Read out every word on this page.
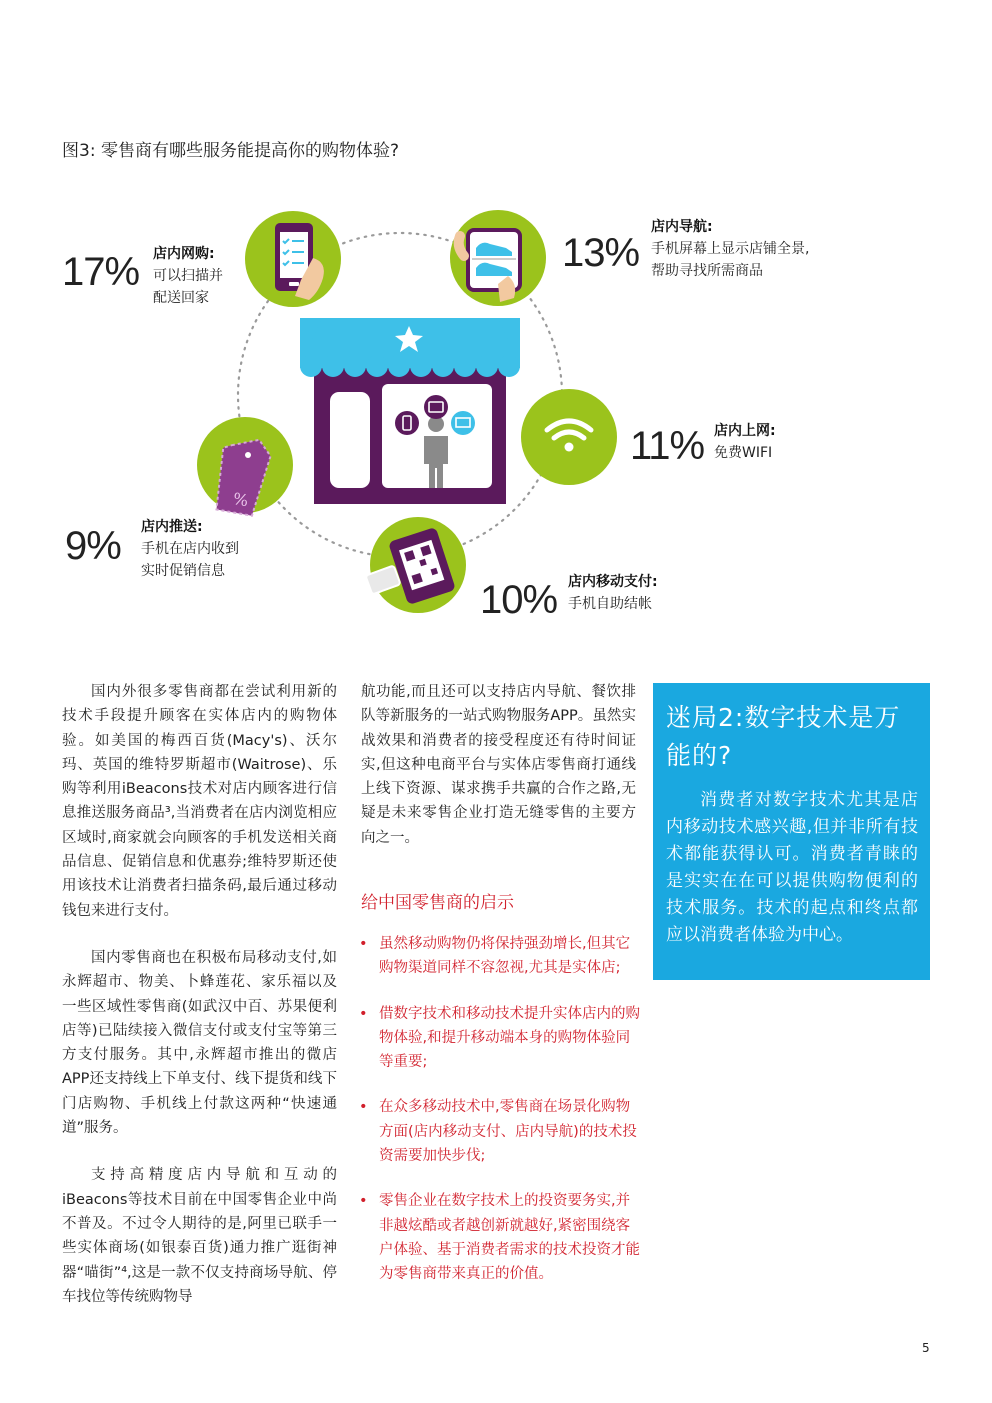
图3: 零售商有哪些服务能提高你的购物体验?
%
17% 店内网购:
可以扫描并
配送回家
13%
店内导航:
手机屏幕上显示店铺全景,
帮助寻找所需商品
11% 店内上网:
免费WIFI
10% 店内移动支付:
手机自助结帐
9% 店内推送:
手机在店内收到
实时促销信息

国内外很多零售商都在尝试利用新的技术手段提升顾客在实体店内的购物体验。如美国的梅西百货(Macy's)、沃尔玛、英国的维特罗斯超市(Waitrose)、乐购等利用iBeacons技术对店内顾客进行信息推送服务商品³,当消费者在店内浏览相应区域时,商家就会向顾客的手机发送相关商品信息、促销信息和优惠券;维特罗斯还使用该技术让消费者扫描条码,最后通过移动钱包来进行支付。

国内零售商也在积极布局移动支付,如永辉超市、物美、卜蜂莲花、家乐福以及一些区域性零售商(如武汉中百、苏果便利店等)已陆续接入微信支付或支付宝等第三方支付服务。其中,永辉超市推出的微店APP还支持线上下单支付、线下提货和线下门店购物、手机线上付款这两种“快速通道”服务。

支持高精度店内导航和互动的iBeacons等技术目前在中国零售企业中尚不普及。不过令人期待的是,阿里已联手一些实体商场(如银泰百货)通力推广逛街神器“喵街”⁴,这是一款不仅支持商场导航、停车找位等传统购物导

航功能,而且还可以支持店内导航、餐饮排队等新服务的一站式购物服务APP。虽然实战效果和消费者的接受程度还有待时间证实,但这种电商平台与实体店零售商打通线上线下资源、谋求携手共赢的合作之路,无疑是未来零售企业打造无缝零售的主要方向之一。

给中国零售商的启示
• 虽然移动购物仍将保持强劲增长,但其它购物渠道同样不容忽视,尤其是实体店;
• 借数字技术和移动技术提升实体店内的购物体验,和提升移动端本身的购物体验同等重要;
• 在众多移动技术中,零售商在场景化购物方面(店内移动支付、店内导航)的技术投资需要加快步伐;
• 零售企业在数字技术上的投资要务实,并非越炫酷或者越创新就越好,紧密围绕客户体验、基于消费者需求的技术投资才能为零售商带来真正的价值。
迷局2:数字技术是万能的?
消费者对数字技术尤其是店内移动技术感兴趣,但并非所有技术都能获得认可。消费者青睐的是实实在在可以提供购物便利的技术服务。技术的起点和终点都应以消费者体验为中心。
5
